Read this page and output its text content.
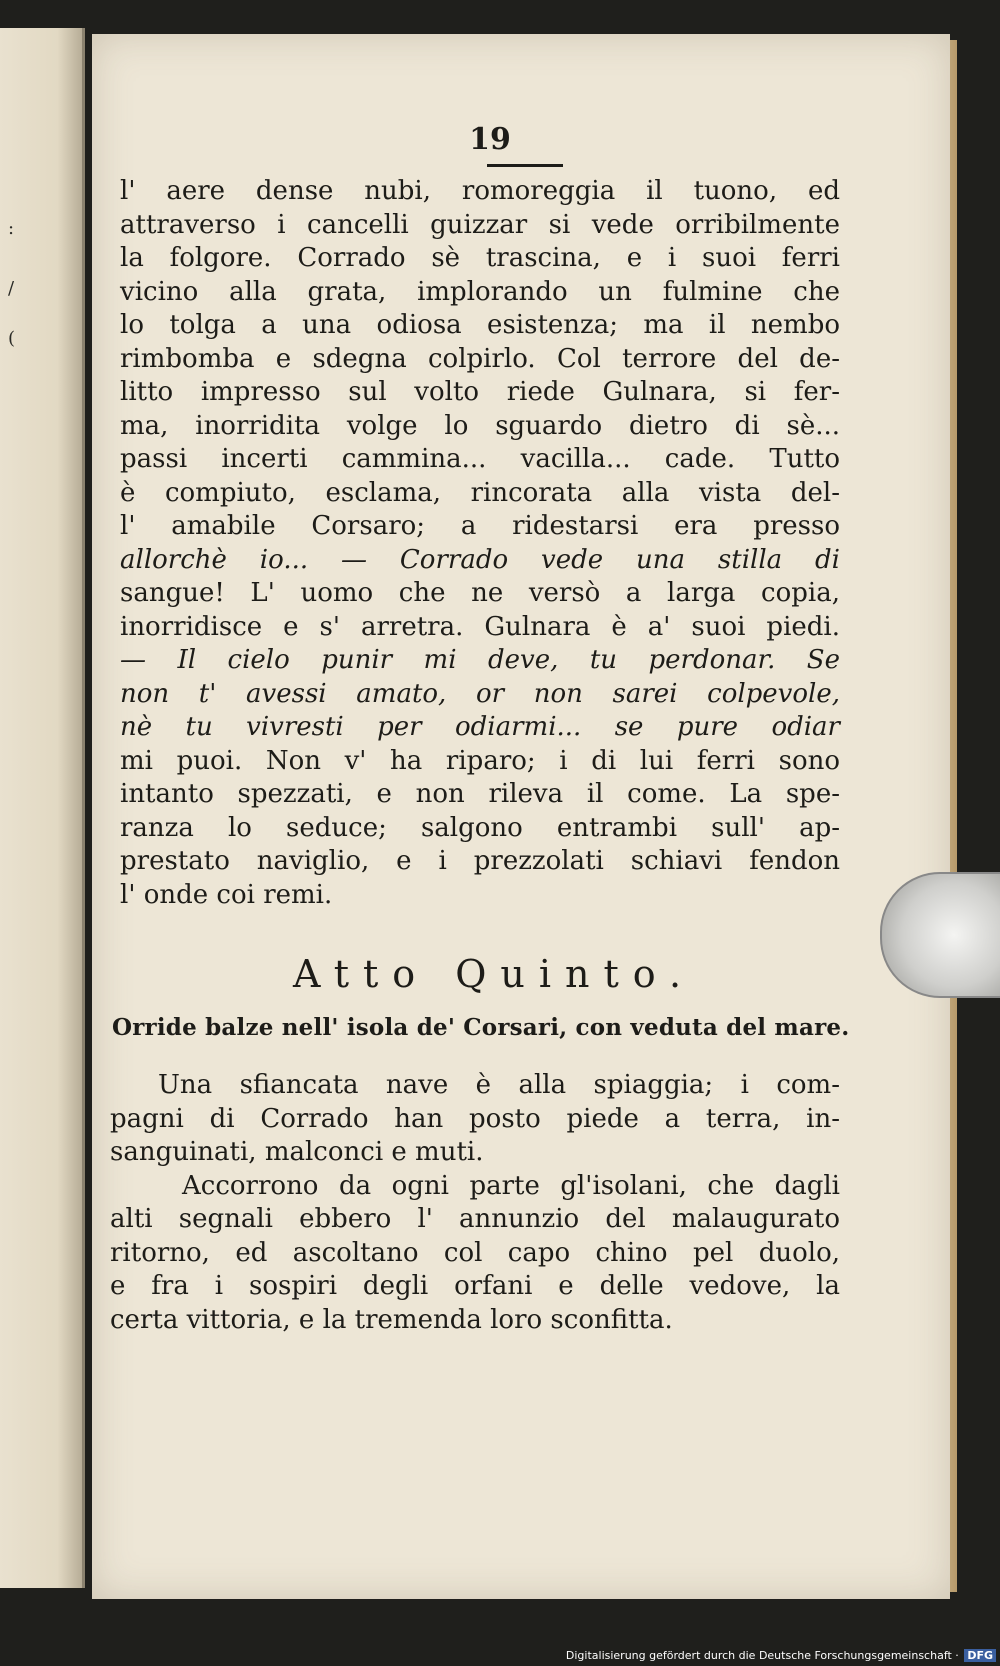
:
/
(
19
l' aere dense nubi, romoreggia il tuono, ed
attraverso i cancelli guizzar si vede orribilmente
la folgore. Corrado sè trascina, e i suoi ferri
vicino alla grata, implorando un fulmine che
lo tolga a una odiosa esistenza; ma il nembo
rimbomba e sdegna colpirlo. Col terrore del de-
litto impresso sul volto riede Gulnara, si fer-
ma, inorridita volge lo sguardo dietro di sè...
passi incerti cammina... vacilla... cade. Tutto
è compiuto, esclama, rincorata alla vista del-
l' amabile Corsaro; a ridestarsi era presso
allorchè io... — Corrado vede una stilla di
sangue! L' uomo che ne versò a larga copia,
inorridisce e s' arretra. Gulnara è a' suoi piedi.
— Il cielo punir mi deve, tu perdonar. Se
non t' avessi amato, or non sarei colpevole,
nè tu vivresti per odiarmi... se pure odiar
mi puoi. Non v' ha riparo; i di lui ferri sono
intanto spezzati, e non rileva il come. La spe-
ranza lo seduce; salgono entrambi sull' ap-
prestato naviglio, e i prezzolati schiavi fendon
l' onde coi remi.
Atto Quinto.
Orride balze nell' isola de' Corsari, con veduta del mare.
Una sfiancata nave è alla spiaggia; i com-
pagni di Corrado han posto piede a terra, in-
sanguinati, malconci e muti.
Accorrono da ogni parte gl'isolani, che dagli
alti segnali ebbero l' annunzio del malaugurato
ritorno, ed ascoltano col capo chino pel duolo,
e fra i sospiri degli orfani e delle vedove, la
certa vittoria, e la tremenda loro sconfitta.
Digitalisierung gefördert durch die Deutsche Forschungsgemeinschaft · DFG
